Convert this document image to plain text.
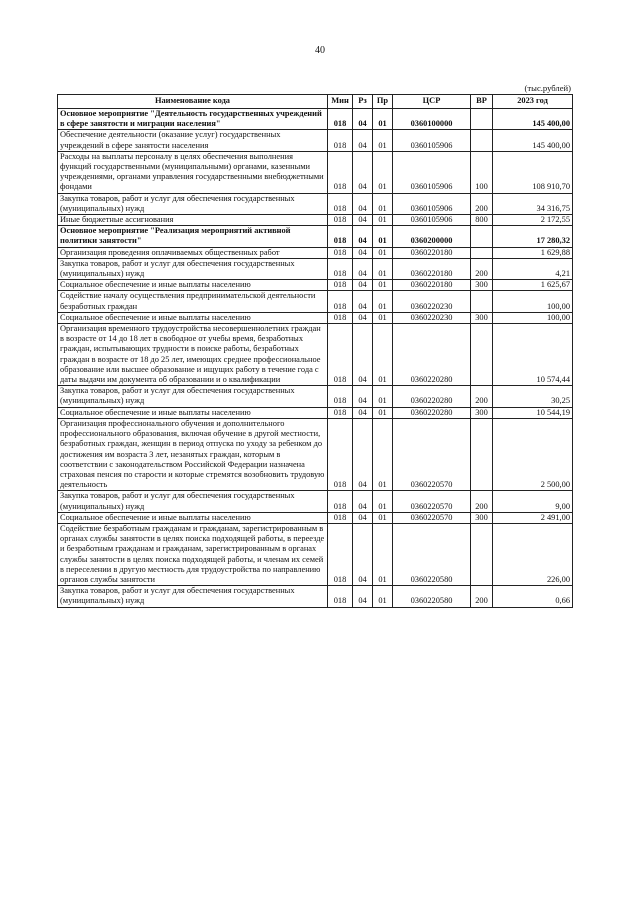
40
(тыс.рублей)
Наименование кода	Мин	Рз	Пр	ЦСР	ВР	2023 год
Основное мероприятие "Деятельность государственных учреждений в сфере занятости и миграции населения"	018	04	01	0360100000		145 400,00
Обеспечение деятельности (оказание услуг) государственных учреждений в сфере занятости населения	018	04	01	0360105906		145 400,00
Расходы на выплаты персоналу в целях обеспечения выполнения функций государственными (муниципальными) органами, казенными учреждениями, органами управления государственными внебюджетными фондами	018	04	01	0360105906	100	108 910,70
Закупка товаров, работ и услуг для обеспечения государственных (муниципальных) нужд	018	04	01	0360105906	200	34 316,75
Иные бюджетные ассигнования	018	04	01	0360105906	800	2 172,55
Основное мероприятие "Реализация мероприятий активной политики занятости"	018	04	01	0360200000		17 280,32
Организация проведения оплачиваемых общественных работ	018	04	01	0360220180		1 629,88
Закупка товаров, работ и услуг для обеспечения государственных (муниципальных) нужд	018	04	01	0360220180	200	4,21
Социальное обеспечение и иные выплаты населению	018	04	01	0360220180	300	1 625,67
Содействие началу осуществления предпринимательской деятельности безработных граждан	018	04	01	0360220230		100,00
Социальное обеспечение и иные выплаты населению	018	04	01	0360220230	300	100,00
Организация временного трудоустройства несовершеннолетних граждан в возрасте от 14 до 18 лет в свободное от учебы время, безработных граждан, испытывающих трудности в поиске работы, безработных граждан в возрасте от 18 до 25 лет, имеющих среднее профессиональное образование или высшее образование и ищущих работу в течение года с даты выдачи им документа об образовании и о квалификации	018	04	01	0360220280		10 574,44
Закупка товаров, работ и услуг для обеспечения государственных (муниципальных) нужд	018	04	01	0360220280	200	30,25
Социальное обеспечение и иные выплаты населению	018	04	01	0360220280	300	10 544,19
Организация профессионального обучения и дополнительного профессионального образования, включая обучение в другой местности, безработных граждан, женщин в период отпуска по уходу за ребенком до достижения им возраста 3 лет, незанятых граждан, которым в соответствии с законодательством Российской Федерации назначена страховая пенсия по старости и которые стремятся возобновить трудовую деятельность	018	04	01	0360220570		2 500,00
Закупка товаров, работ и услуг для обеспечения государственных (муниципальных) нужд	018	04	01	0360220570	200	9,00
Социальное обеспечение и иные выплаты населению	018	04	01	0360220570	300	2 491,00
Содействие безработным гражданам и гражданам, зарегистрированным в органах службы занятости в целях поиска подходящей работы, в переезде и безработным гражданам и гражданам, зарегистрированным в органах службы занятости в целях поиска подходящей работы, и членам их семей в переселении в другую местность для трудоустройства по направлению органов службы занятости	018	04	01	0360220580		226,00
Закупка товаров, работ и услуг для обеспечения государственных (муниципальных) нужд	018	04	01	0360220580	200	0,66
